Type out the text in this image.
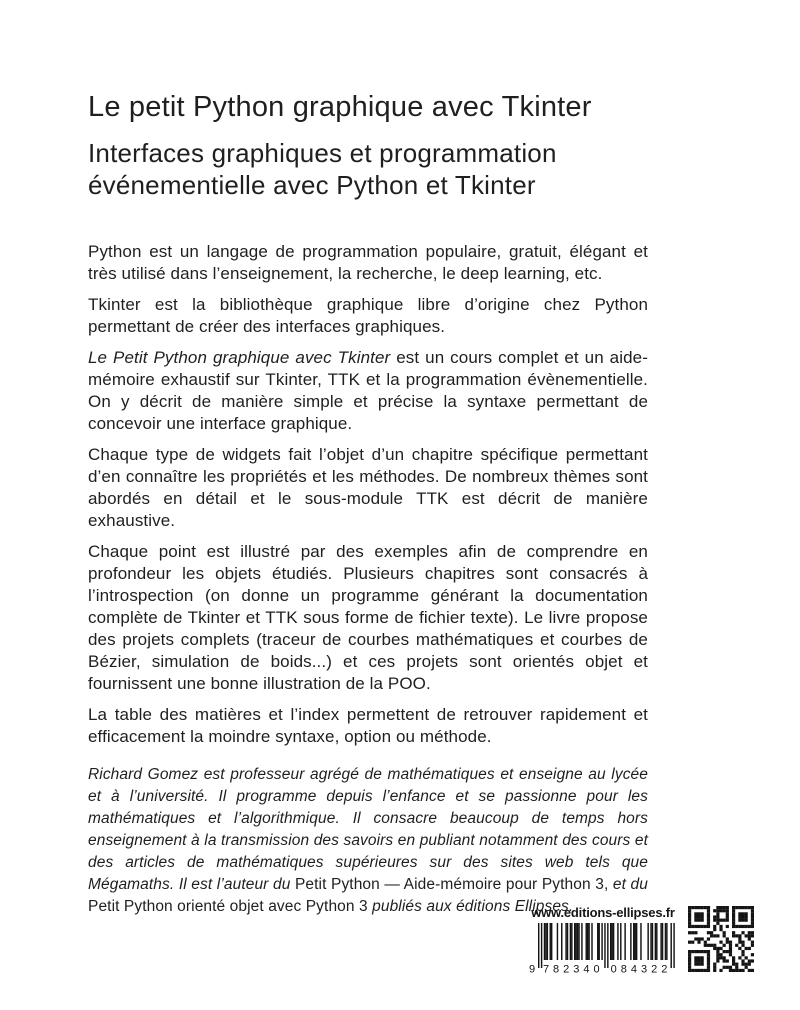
Le petit Python graphique avec Tkinter
Interfaces graphiques et programmation
événementielle avec Python et Tkinter

Python est un langage de programmation populaire, gratuit, élégant et très utilisé dans l’enseignement, la recherche, le deep learning, etc.

Tkinter est la bibliothèque graphique libre d’origine chez Python permettant de créer des interfaces graphiques.

Le Petit Python graphique avec Tkinter est un cours complet et un aide-mémoire exhaustif sur Tkinter, TTK et la programmation évènementielle. On y décrit de manière simple et précise la syntaxe permettant de concevoir une interface graphique.

Chaque type de widgets fait l’objet d’un chapitre spécifique permettant d’en connaître les propriétés et les méthodes. De nombreux thèmes sont abordés en détail et le sous-module TTK est décrit de manière exhaustive.

Chaque point est illustré par des exemples afin de comprendre en profondeur les objets étudiés. Plusieurs chapitres sont consacrés à l’introspection (on donne un programme générant la documentation complète de Tkinter et TTK sous forme de fichier texte). Le livre propose des projets complets (traceur de courbes mathématiques et courbes de Bézier, simulation de boids...) et ces projets sont orientés objet et fournissent une bonne illustration de la POO.

La table des matières et l’index permettent de retrouver rapidement et efficacement la moindre syntaxe, option ou méthode.

Richard Gomez est professeur agrégé de mathématiques et enseigne au lycée et à l’université. Il programme depuis l’enfance et se passionne pour les mathématiques et l’algorithmique. Il consacre beaucoup de temps hors enseignement à la transmission des savoirs en publiant notamment des cours et des articles de mathématiques supérieures sur des sites web tels que Mégamaths. Il est l’auteur du Petit Python — Aide-mémoire pour Python 3, et du Petit Python orienté objet avec Python 3 publiés aux éditions Ellipses.
www.editions-ellipses.fr
9 782340 084322
